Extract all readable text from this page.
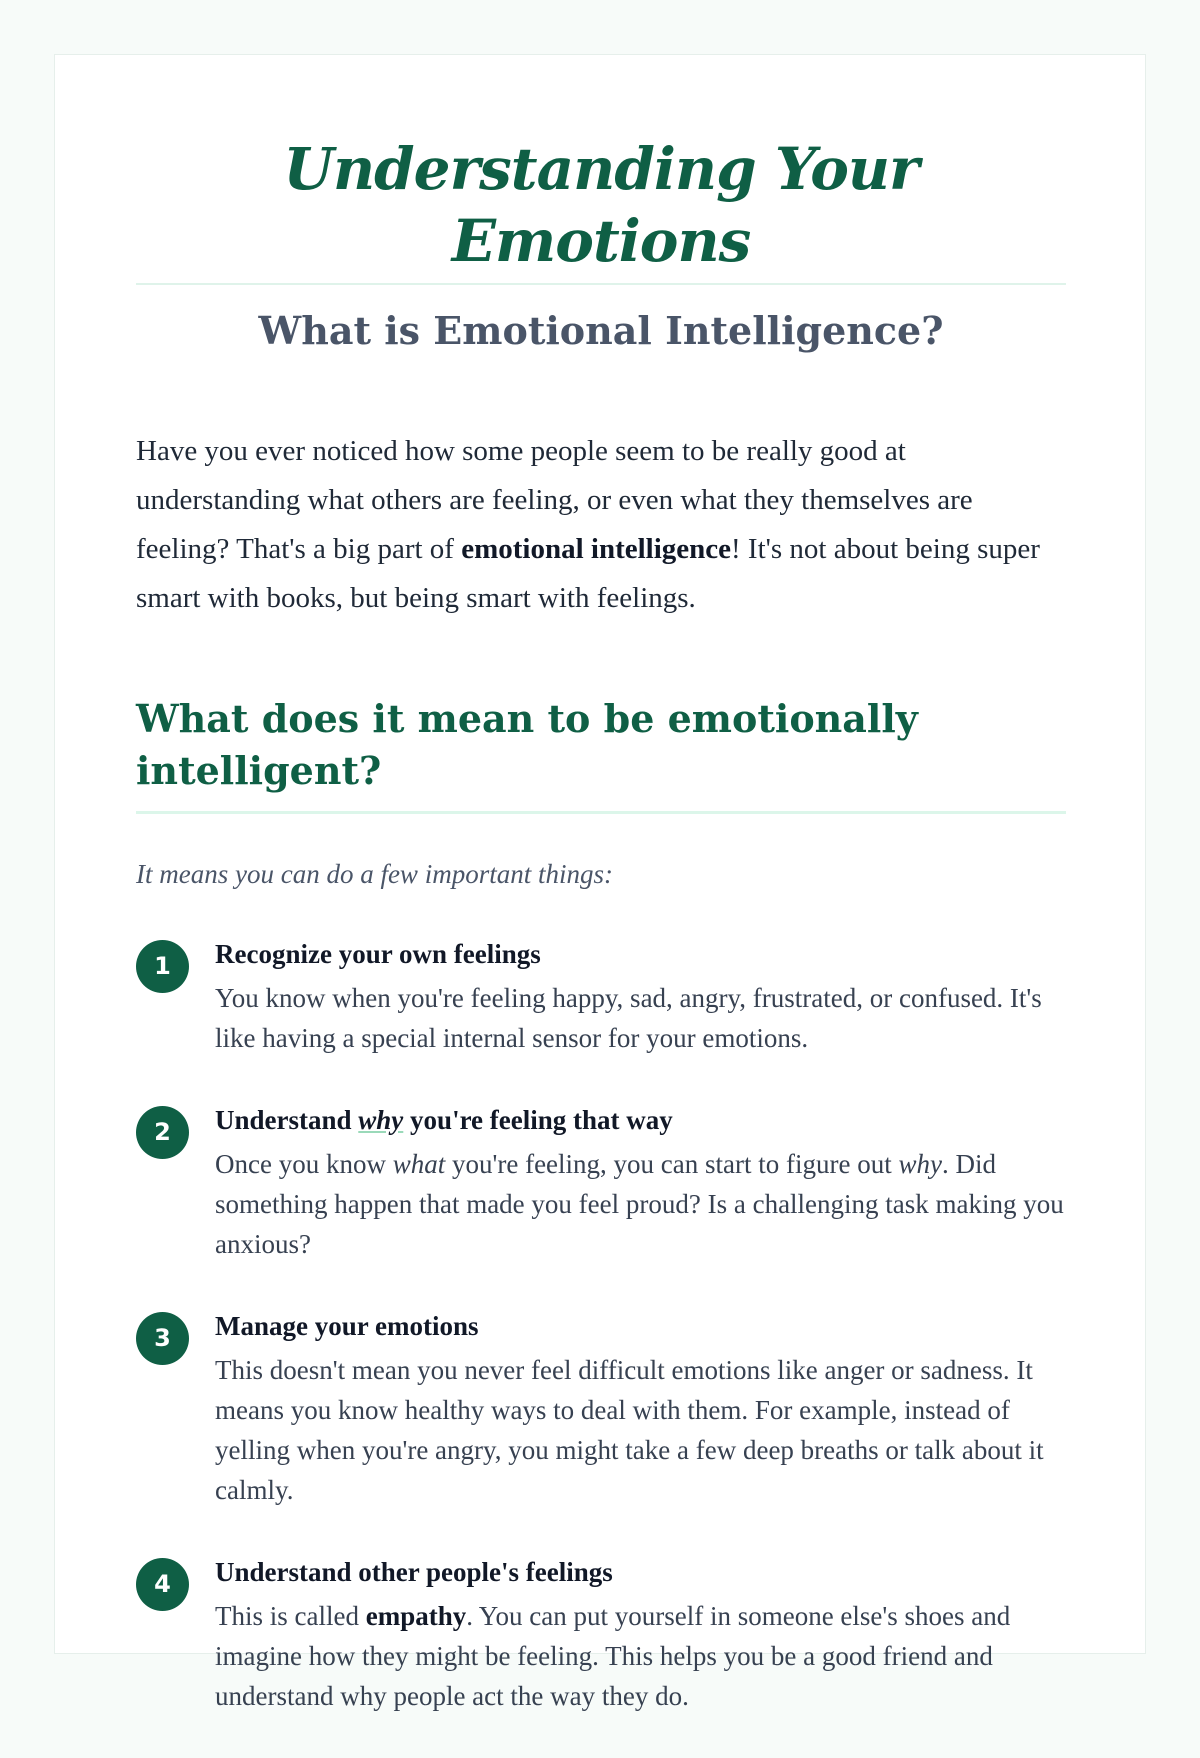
Understanding Your Emotions
What is Emotional Intelligence?

Have you ever noticed how some people seem to be really good at understanding what others are feeling, or even what they themselves are feeling? That's a big part of emotional intelligence! It's not about being super smart with books, but being smart with feelings.

What does it mean to be emotionally intelligent?

It means you can do a few important things:

1	Recognize your own feelings

You know when you're feeling happy, sad, angry, frustrated, or confused. It's like having a special internal sensor for your emotions.

2	Understand why you're feeling that way

Once you know what you're feeling, you can start to figure out why. Did something happen that made you feel proud? Is a challenging task making you anxious?

3	Manage your emotions

This doesn't mean you never feel difficult emotions like anger or sadness. It means you know healthy ways to deal with them. For example, instead of yelling when you're angry, you might take a few deep breaths or talk about it calmly.

4	Understand other people's feelings

This is called empathy. You can put yourself in someone else's shoes and imagine how they might be feeling. This helps you be a good friend and understand why people act the way they do.
